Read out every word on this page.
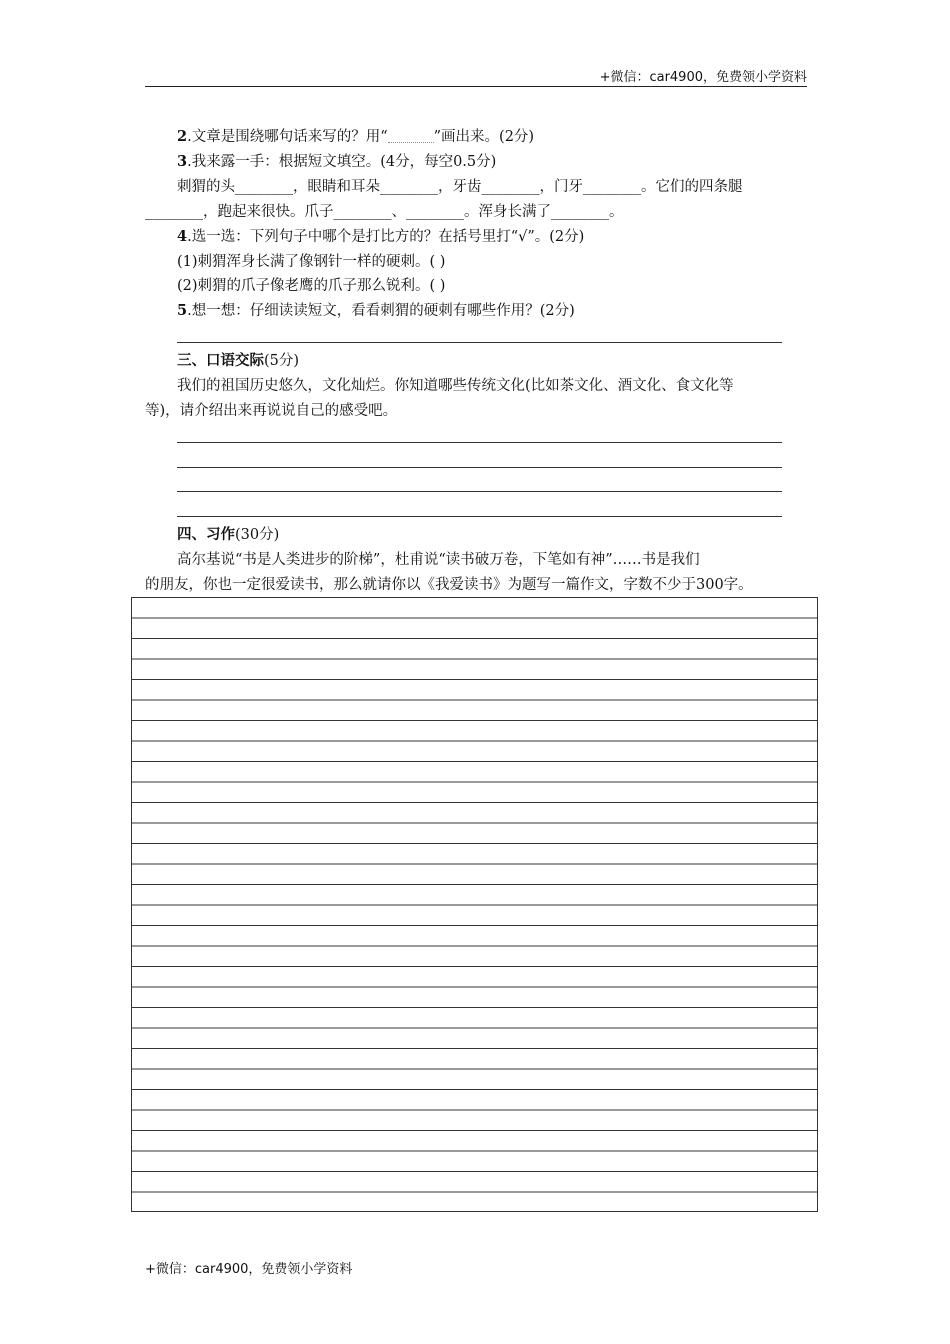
+微信：car4900，免费领小学资料
2.文章是围绕哪句话来写的？用“	”画出来。(2分)
3.我来露一手：根据短文填空。(4分，每空0.5分)
刺猬的头________，眼睛和耳朵________，牙齿________，门牙________。它们的四条腿
________，跑起来很快。爪子________、________。浑身长满了________。
4.选一选：下列句子中哪个是打比方的？在括号里打“√”。(2分)
(1)刺猬浑身长满了像钢针一样的硬刺。( )
(2)刺猬的爪子像老鹰的爪子那么锐利。( )
5.想一想：仔细读读短文，看看刺猬的硬刺有哪些作用？(2分)
三、口语交际(5分)
我们的祖国历史悠久，文化灿烂。你知道哪些传统文化(比如茶文化、酒文化、食文化等
等)，请介绍出来再说说自己的感受吧。
四、习作(30分)
高尔基说“书是人类进步的阶梯”，杜甫说“读书破万卷，下笔如有神”……书是我们
的朋友，你也一定很爱读书，那么就请你以《我爱读书》为题写一篇作文，字数不少于300字。
+微信：car4900，免费领小学资料
